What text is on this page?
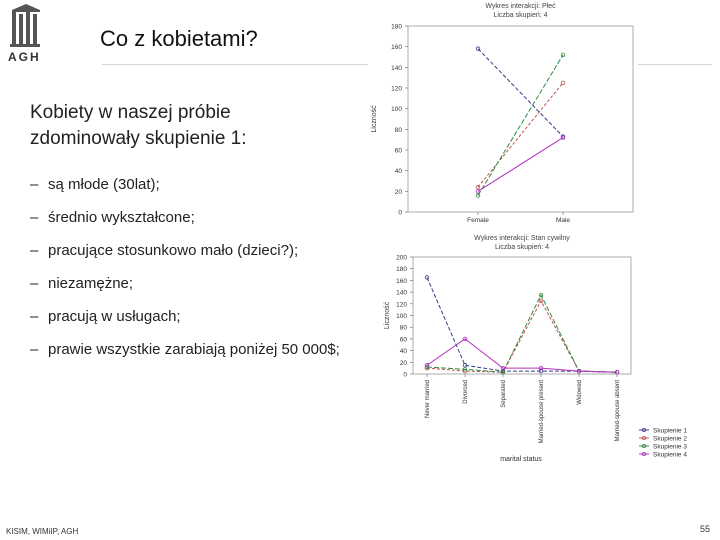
AGH
Co z kobietami?
Kobiety w naszej próbie zdominowały skupienie 1:
– są młode (30lat);
– średnio wykształcone;
– pracujące stosunkowo mało (dzieci?);
– niezamężne;
– pracują w usługach;
– prawie wszystkie zarabiają poniżej 50 000$;
Wykres interakcji: Płeć
Liczba skupień: 4
0
20
40
60
80
100
120
140
160
180
Liczność
Female	Male
Wykres interakcji: Stan cywilny
Liczba skupień: 4
0
20
40
60
80
100
120
140
160
180
200
Liczność
Never married	Divorced	Separated	Married-spouse present	Widowed	Married-spouse absent
marital status
Skupienie 1
Skupienie 2
Skupienie 3
Skupienie 4
KISIM, WIMiIP, AGH	55
